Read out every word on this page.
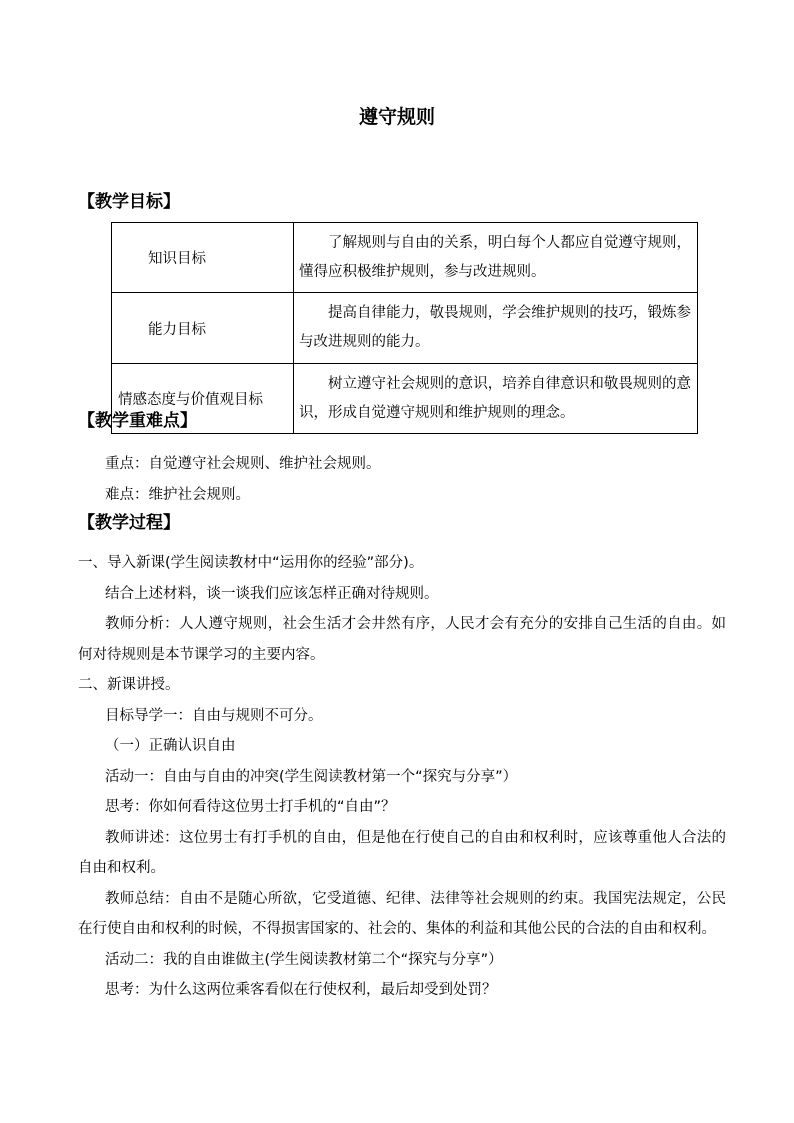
遵守规则
【教学目标】
知识目标	了解规则与自由的关系，明白每个人都应自觉遵守规则，懂得应积极维护规则，参与改进规则。

能力目标	提高自律能力，敬畏规则，学会维护规则的技巧，锻炼参与改进规则的能力。

情感态度与价值观目标	树立遵守社会规则的意识，培养自律意识和敬畏规则的意识，形成自觉遵守规则和维护规则的理念。
【教学重难点】

重点：自觉遵守社会规则、维护社会规则。

难点：维护社会规则。

【教学过程】

一、导入新课(学生阅读教材中“运用你的经验”部分)。

结合上述材料，谈一谈我们应该怎样正确对待规则。

教师分析：人人遵守规则，社会生活才会井然有序，人民才会有充分的安排自己生活的自由。如何对待规则是本节课学习的主要内容。

二、新课讲授。

目标导学一：自由与规则不可分。

（一）正确认识自由

活动一：自由与自由的冲突(学生阅读教材第一个“探究与分享”）

思考：你如何看待这位男士打手机的“自由”？

教师讲述：这位男士有打手机的自由，但是他在行使自己的自由和权利时，应该尊重他人合法的自由和权利。

教师总结：自由不是随心所欲，它受道德、纪律、法律等社会规则的约束。我国宪法规定，公民在行使自由和权利的时候，不得损害国家的、社会的、集体的利益和其他公民的合法的自由和权利。

活动二：我的自由谁做主(学生阅读教材第二个“探究与分享”）

思考：为什么这两位乘客看似在行使权利，最后却受到处罚？
